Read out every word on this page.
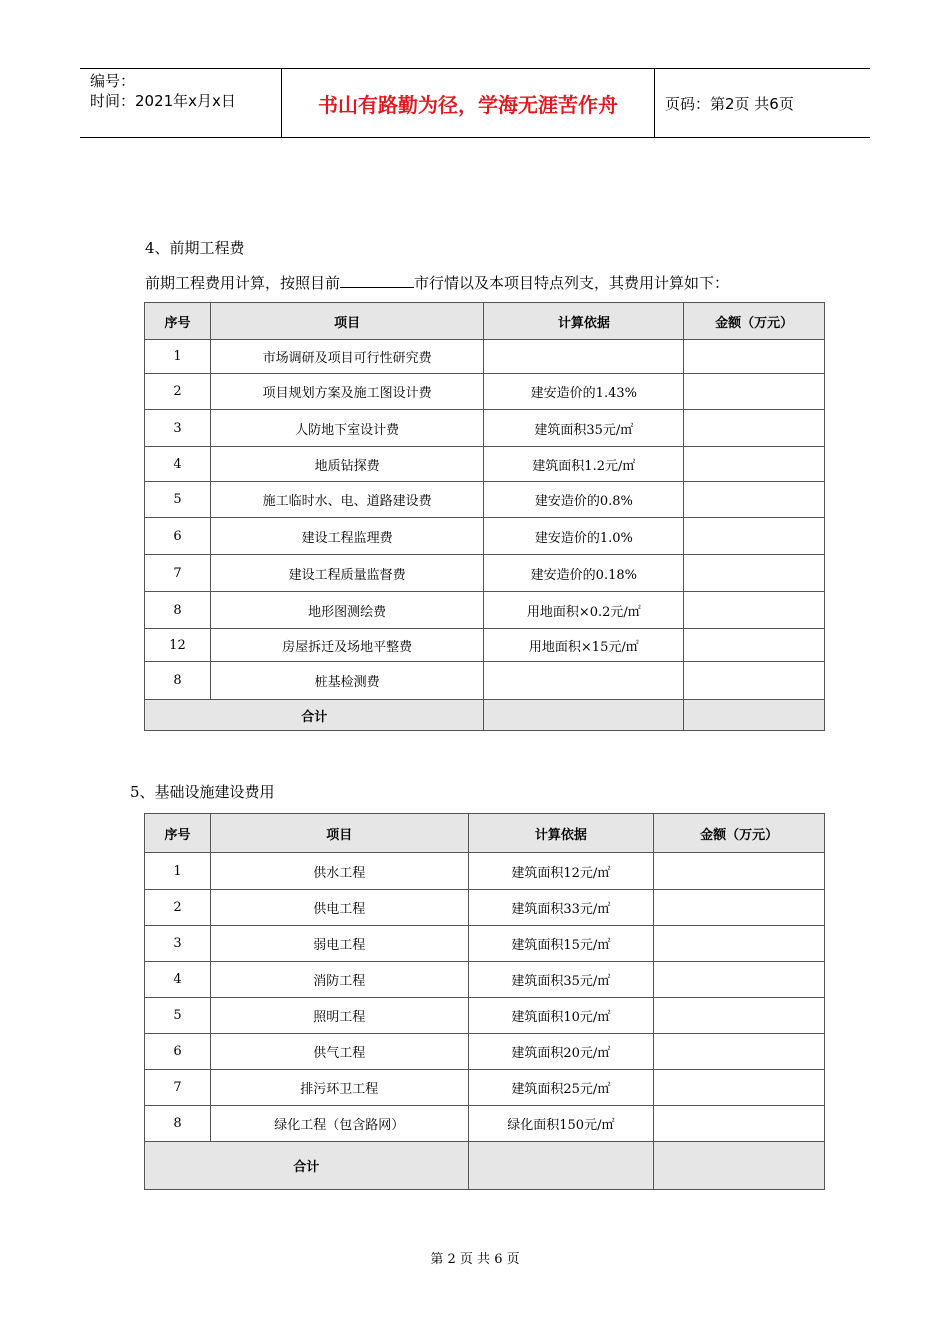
编号：
时间：2021年x月x日	书山有路勤为径，学海无涯苦作舟	页码：第2页 共6页
4、前期工程费
前期工程费用计算，按照目前	市行情以及本项目特点列支，其费用计算如下：
序号	项目	计算依据	金额（万元）
1	市场调研及项目可行性研究费		
2	项目规划方案及施工图设计费	建安造价的1.43%	
3	人防地下室设计费	建筑面积35元/㎡	
4	地质钻探费	建筑面积1.2元/㎡	
5	施工临时水、电、道路建设费	建安造价的0.8%	
6	建设工程监理费	建安造价的1.0%	
7	建设工程质量监督费	建安造价的0.18%	
8	地形图测绘费	用地面积×0.2元/㎡	
12	房屋拆迁及场地平整费	用地面积×15元/㎡	
8	桩基检测费		
合计			
5、基础设施建设费用
序号	项目	计算依据	金额（万元）
1	供水工程	建筑面积12元/㎡	
2	供电工程	建筑面积33元/㎡	
3	弱电工程	建筑面积15元/㎡	
4	消防工程	建筑面积35元/㎡	
5	照明工程	建筑面积10元/㎡	
6	供气工程	建筑面积20元/㎡	
7	排污环卫工程	建筑面积25元/㎡	
8	绿化工程（包含路网）	绿化面积150元/㎡	
合计			
第 2 页 共 6 页
